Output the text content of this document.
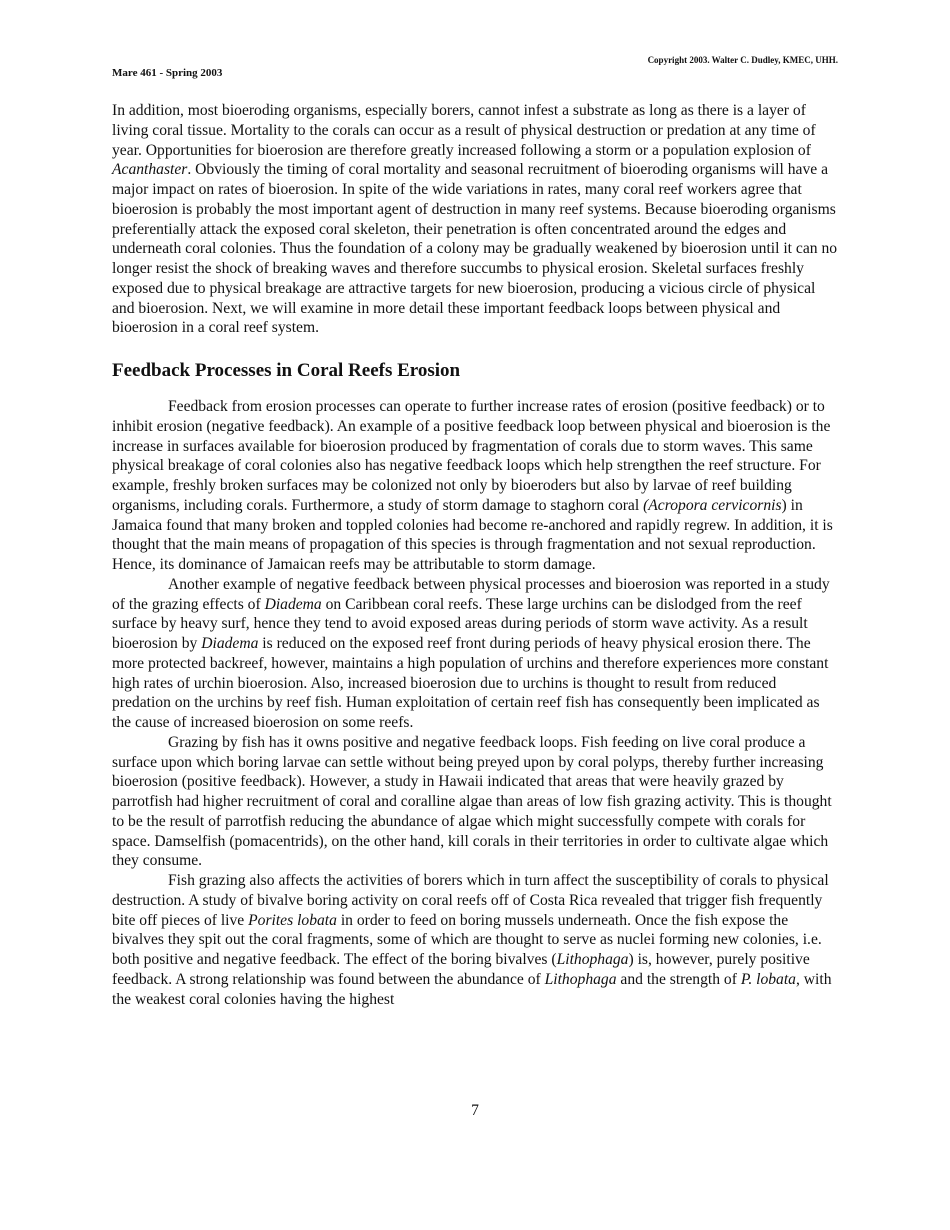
Mare 461 - Spring 2003
Copyright 2003. Walter C. Dudley, KMEC, UHH.

In addition, most bioeroding organisms, especially borers, cannot infest a substrate as long as there is a layer of living coral tissue. Mortality to the corals can occur as a result of physical destruction or predation at any time of year. Opportunities for bioerosion are therefore greatly increased following a storm or a population explosion of Acanthaster. Obviously the timing of coral mortality and seasonal recruitment of bioeroding organisms will have a major impact on rates of bioerosion. In spite of the wide variations in rates, many coral reef workers agree that bioerosion is probably the most important agent of destruction in many reef systems. Because bioeroding organisms preferentially attack the exposed coral skeleton, their penetration is often concentrated around the edges and underneath coral colonies. Thus the foundation of a colony may be gradually weakened by bioerosion until it can no longer resist the shock of breaking waves and therefore succumbs to physical erosion. Skeletal surfaces freshly exposed due to physical breakage are attractive targets for new bioerosion, producing a vicious circle of physical and bioerosion. Next, we will examine in more detail these important feedback loops between physical and bioerosion in a coral reef system.

Feedback Processes in Coral Reefs Erosion

Feedback from erosion processes can operate to further increase rates of erosion (positive feedback) or to inhibit erosion (negative feedback). An example of a positive feedback loop between physical and bioerosion is the increase in surfaces available for bioerosion produced by fragmentation of corals due to storm waves. This same physical breakage of coral colonies also has negative feedback loops which help strengthen the reef structure. For example, freshly broken surfaces may be colonized not only by bioeroders but also by larvae of reef building organisms, including corals. Furthermore, a study of storm damage to staghorn coral (Acropora cervicornis) in Jamaica found that many broken and toppled colonies had become re-anchored and rapidly regrew. In addition, it is thought that the main means of propagation of this species is through fragmentation and not sexual reproduction. Hence, its dominance of Jamaican reefs may be attributable to storm damage.

Another example of negative feedback between physical processes and bioerosion was reported in a study of the grazing effects of Diadema on Caribbean coral reefs. These large urchins can be dislodged from the reef surface by heavy surf, hence they tend to avoid exposed areas during periods of storm wave activity. As a result bioerosion by Diadema is reduced on the exposed reef front during periods of heavy physical erosion there. The more protected backreef, however, maintains a high population of urchins and therefore experiences more constant high rates of urchin bioerosion. Also, increased bioerosion due to urchins is thought to result from reduced predation on the urchins by reef fish. Human exploitation of certain reef fish has consequently been implicated as the cause of increased bioerosion on some reefs.

Grazing by fish has it owns positive and negative feedback loops. Fish feeding on live coral produce a surface upon which boring larvae can settle without being preyed upon by coral polyps, thereby further increasing bioerosion (positive feedback). However, a study in Hawaii indicated that areas that were heavily grazed by parrotfish had higher recruitment of coral and coralline algae than areas of low fish grazing activity. This is thought to be the result of parrotfish reducing the abundance of algae which might successfully compete with corals for space. Damselfish (pomacentrids), on the other hand, kill corals in their territories in order to cultivate algae which they consume.

Fish grazing also affects the activities of borers which in turn affect the susceptibility of corals to physical destruction. A study of bivalve boring activity on coral reefs off of Costa Rica revealed that trigger fish frequently bite off pieces of live Porites lobata in order to feed on boring mussels underneath. Once the fish expose the bivalves they spit out the coral fragments, some of which are thought to serve as nuclei forming new colonies, i.e. both positive and negative feedback. The effect of the boring bivalves (Lithophaga) is, however, purely positive feedback. A strong relationship was found between the abundance of Lithophaga and the strength of P. lobata, with the weakest coral colonies having the highest

7
